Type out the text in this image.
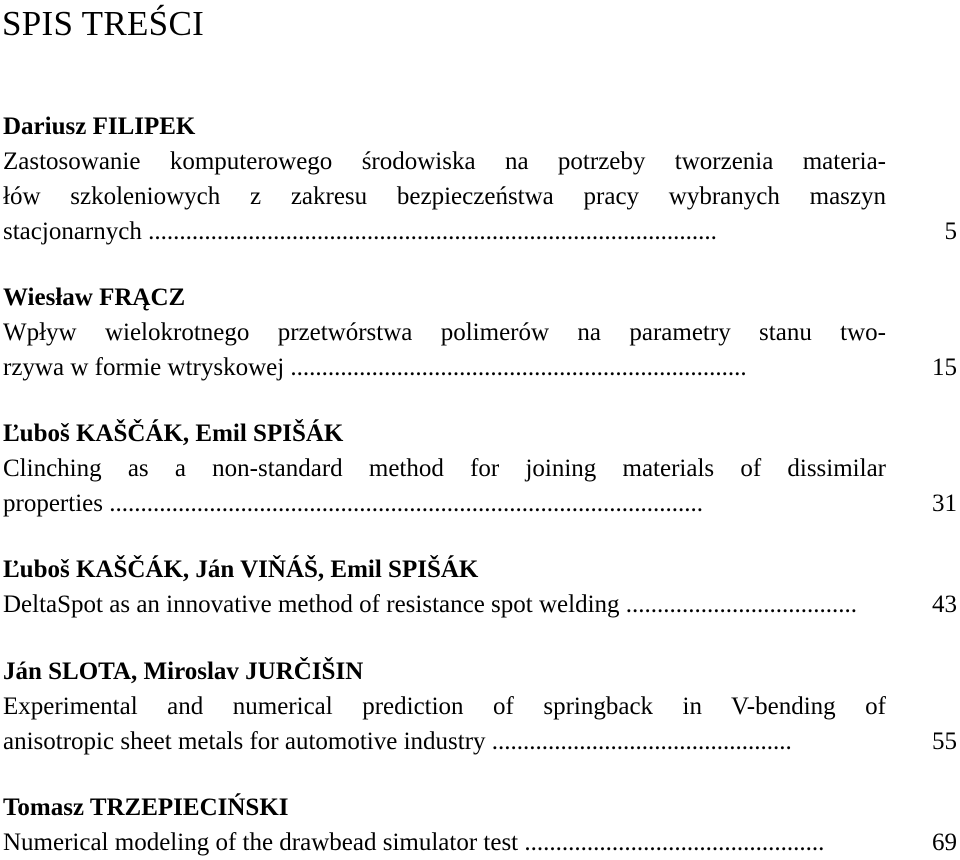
SPIS TREŚCI
Dariusz FILIPEK
Zastosowanie komputerowego środowiska na potrzeby tworzenia materia-
łów szkoleniowych z zakresu bezpieczeństwa pracy wybranych maszyn
stacjonarnych ...........................................................................................	5
Wiesław FRĄCZ
Wpływ wielokrotnego przetwórstwa polimerów na parametry stanu two-
rzywa w formie wtryskowej .........................................................................	15
Ľuboš KAŠČÁK, Emil SPIŠÁK
Clinching as a non-standard method for joining materials of dissimilar
properties ...............................................................................................	31
Ľuboš KAŠČÁK, Ján VIŇÁŠ, Emil SPIŠÁK
DeltaSpot as an innovative method of resistance spot welding .....................................	43
Ján SLOTA, Miroslav JURČIŠIN
Experimental and numerical prediction of springback in V-bending of
anisotropic sheet metals for automotive industry ................................................	55
Tomasz TRZEPIECIŃSKI
Numerical modeling of the drawbead simulator test ................................................	69
